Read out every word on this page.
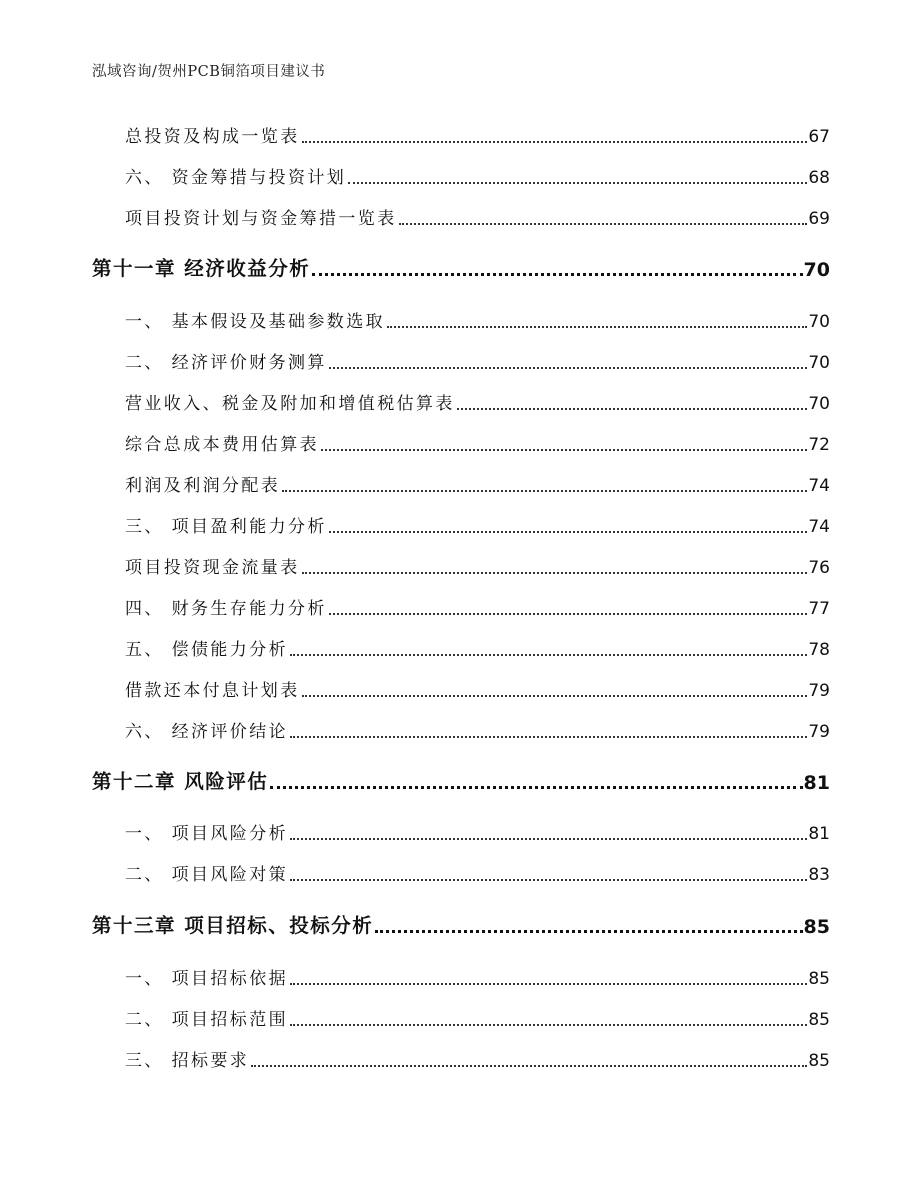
泓域咨询/贺州PCB铜箔项目建议书
总投资及构成一览表	67
六、 资金筹措与投资计划	68
项目投资计划与资金筹措一览表	69
第十一章 经济收益分析	70
一、 基本假设及基础参数选取	70
二、 经济评价财务测算	70
营业收入、税金及附加和增值税估算表	70
综合总成本费用估算表	72
利润及利润分配表	74
三、 项目盈利能力分析	74
项目投资现金流量表	76
四、 财务生存能力分析	77
五、 偿债能力分析	78
借款还本付息计划表	79
六、 经济评价结论	79
第十二章 风险评估	81
一、 项目风险分析	81
二、 项目风险对策	83
第十三章 项目招标、投标分析	85
一、 项目招标依据	85
二、 项目招标范围	85
三、 招标要求	85
